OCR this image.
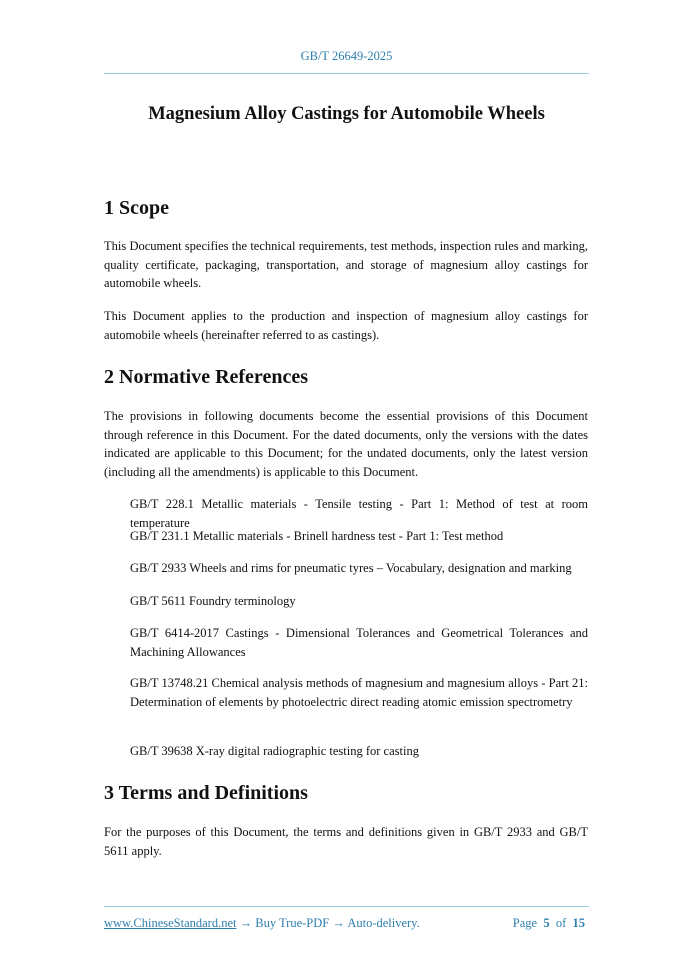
GB/T 26649-2025
Magnesium Alloy Castings for Automobile Wheels
1 Scope

This Document specifies the technical requirements, test methods, inspection rules and marking, quality certificate, packaging, transportation, and storage of magnesium alloy castings for automobile wheels.

This Document applies to the production and inspection of magnesium alloy castings for automobile wheels (hereinafter referred to as castings).

2 Normative References

The provisions in following documents become the essential provisions of this Document through reference in this Document. For the dated documents, only the versions with the dates indicated are applicable to this Document; for the undated documents, only the latest version (including all the amendments) is applicable to this Document.

GB/T 228.1 Metallic materials - Tensile testing - Part 1: Method of test at room temperature

GB/T 231.1 Metallic materials - Brinell hardness test - Part 1: Test method

GB/T 2933 Wheels and rims for pneumatic tyres – Vocabulary, designation and marking

GB/T 5611 Foundry terminology

GB/T 6414-2017 Castings - Dimensional Tolerances and Geometrical Tolerances and Machining Allowances

GB/T 13748.21 Chemical analysis methods of magnesium and magnesium alloys - Part 21: Determination of elements by photoelectric direct reading atomic emission spectrometry

GB/T 39638 X-ray digital radiographic testing for casting

3 Terms and Definitions

For the purposes of this Document, the terms and definitions given in GB/T 2933 and GB/T 5611 apply.

www.ChineseStandard.net → Buy True-PDF → Auto-delivery.	Page 5 of 15
